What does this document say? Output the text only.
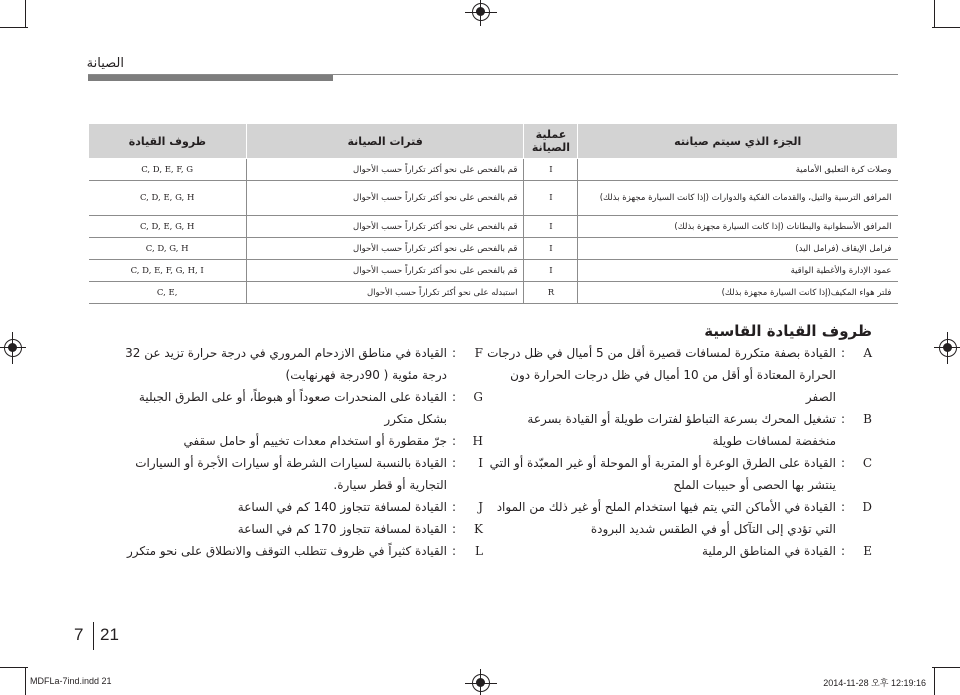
الصيانة
الجزء الذي سيتم صيانته	عملية الصيانة	فترات الصيانة	ظروف القيادة
وصلات كرة التعليق الأمامية	I	قم بالفحص على نحو أكثر تكراراً حسب الأحوال	C, D, E, F, G
المرافق الترسية والتيل، والقدمات الفكية والدوارات (إذا كانت السيارة مجهزة بذلك)	I	قم بالفحص على نحو أكثر تكراراً حسب الأحوال	C, D, E, G, H
المرافق الأسطوانية والبطانات (إذا كانت السيارة مجهزة بذلك)	I	قم بالفحص على نحو أكثر تكراراً حسب الأحوال	C, D, E, G, H
فرامل الإيقاف (فرامل اليد)	I	قم بالفحص على نحو أكثر تكراراً حسب الأحوال	C, D, G, H
عمود الإدارة والأغطية الواقية	I	قم بالفحص على نحو أكثر تكراراً حسب الأحوال	C, D, E, F, G, H, I
فلتر هواء المكيف(إذا كانت السيارة مجهزة بذلك)	R	استبدله على نحو أكثر تكراراً حسب الأحوال	C, E,
ظروف القيادة القاسية
A
:
القيادة بصفة متكررة لمسافات قصيرة أقل من 5 أميال في ظل درجات
الحرارة المعتادة أو أقل من 10 أميال في ظل درجات الحرارة دون الصفر
B
:
تشغيل المحرك بسرعة التباطؤ لفترات طويلة أو القيادة بسرعة
منخفضة لمسافات طويلة
C
:
القيادة على الطرق الوعرة أو المتربة أو الموحلة أو غير المعبّدة أو التي
ينتشر بها الحصى أو حبيبات الملح
D
:
القيادة في الأماكن التي يتم فيها استخدام الملح أو غير ذلك من المواد
التي تؤدي إلى التآكل أو في الطقس شديد البرودة
E
:
القيادة في المناطق الرملية
F
:
القيادة في مناطق الازدحام المروري في درجة حرارة تزيد عن 32
درجة مئوية ( 90درجة فهرنهايت)
G
:
القيادة على المنحدرات صعوداً أو هبوطاً، أو على الطرق الجبلية
بشكل متكرر
H
:
جرّ مقطورة أو استخدام معدات تخييم أو حامل سقفي
I
:
القيادة بالنسبة لسيارات الشرطة أو سيارات الأجرة أو السيارات
التجارية أو قطر سيارة.
J
:
القيادة لمسافة تتجاوز 140 كم في الساعة
K
:
القيادة لمسافة تتجاوز 170 كم في الساعة
L
:
القيادة كثيراً في ظروف تتطلب التوقف والانطلاق على نحو متكرر
7 21
MDFLa-7ind.indd 21	2014-11-28 오후 12:19:16
